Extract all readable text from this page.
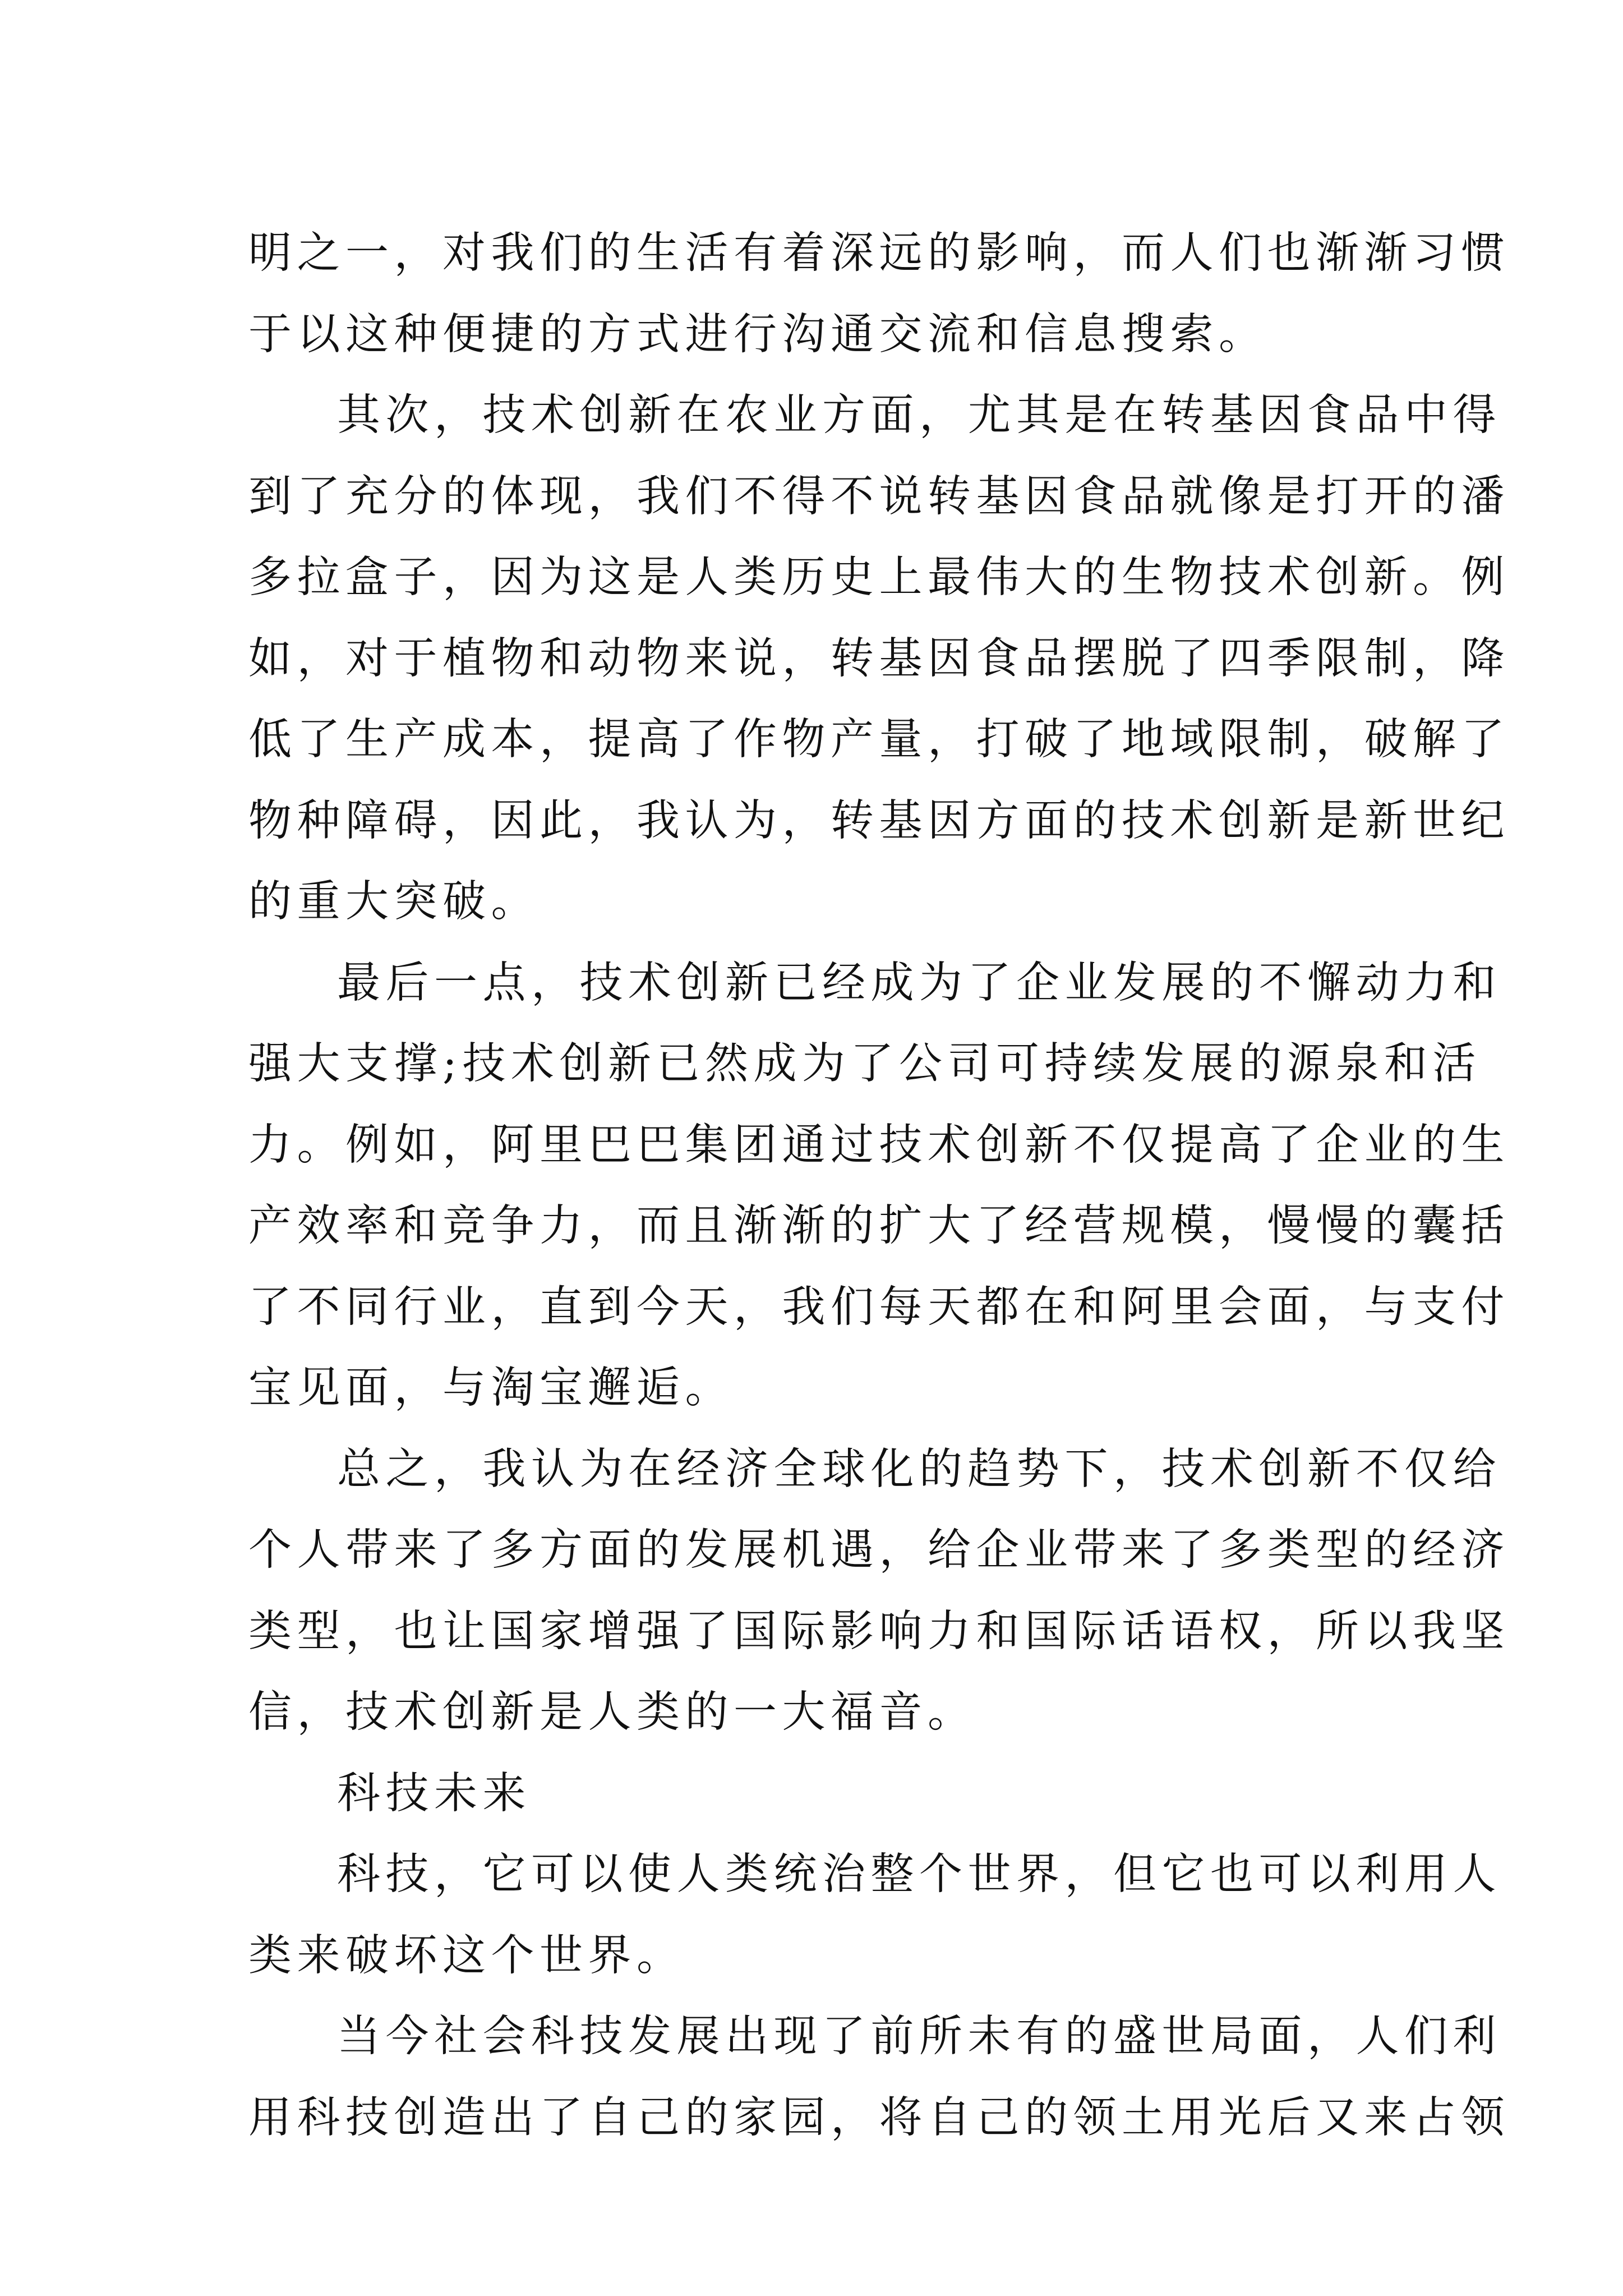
明之一，对我们的生活有着深远的影响，而人们也渐渐习惯
于以这种便捷的方式进行沟通交流和信息搜索。
其次，技术创新在农业方面，尤其是在转基因食品中得
到了充分的体现，我们不得不说转基因食品就像是打开的潘
多拉盒子，因为这是人类历史上最伟大的生物技术创新。例
如，对于植物和动物来说，转基因食品摆脱了四季限制，降
低了生产成本，提高了作物产量，打破了地域限制，破解了
物种障碍，因此，我认为，转基因方面的技术创新是新世纪
的重大突破。
最后一点，技术创新已经成为了企业发展的不懈动力和
强大支撑;技术创新已然成为了公司可持续发展的源泉和活
力。例如，阿里巴巴集团通过技术创新不仅提高了企业的生
产效率和竞争力，而且渐渐的扩大了经营规模，慢慢的囊括
了不同行业，直到今天，我们每天都在和阿里会面，与支付
宝见面，与淘宝邂逅。
总之，我认为在经济全球化的趋势下，技术创新不仅给
个人带来了多方面的发展机遇，给企业带来了多类型的经济
类型，也让国家增强了国际影响力和国际话语权，所以我坚
信，技术创新是人类的一大福音。
科技未来
科技，它可以使人类统治整个世界，但它也可以利用人
类来破坏这个世界。
当今社会科技发展出现了前所未有的盛世局面，人们利
用科技创造出了自己的家园，将自己的领土用光后又来占领
